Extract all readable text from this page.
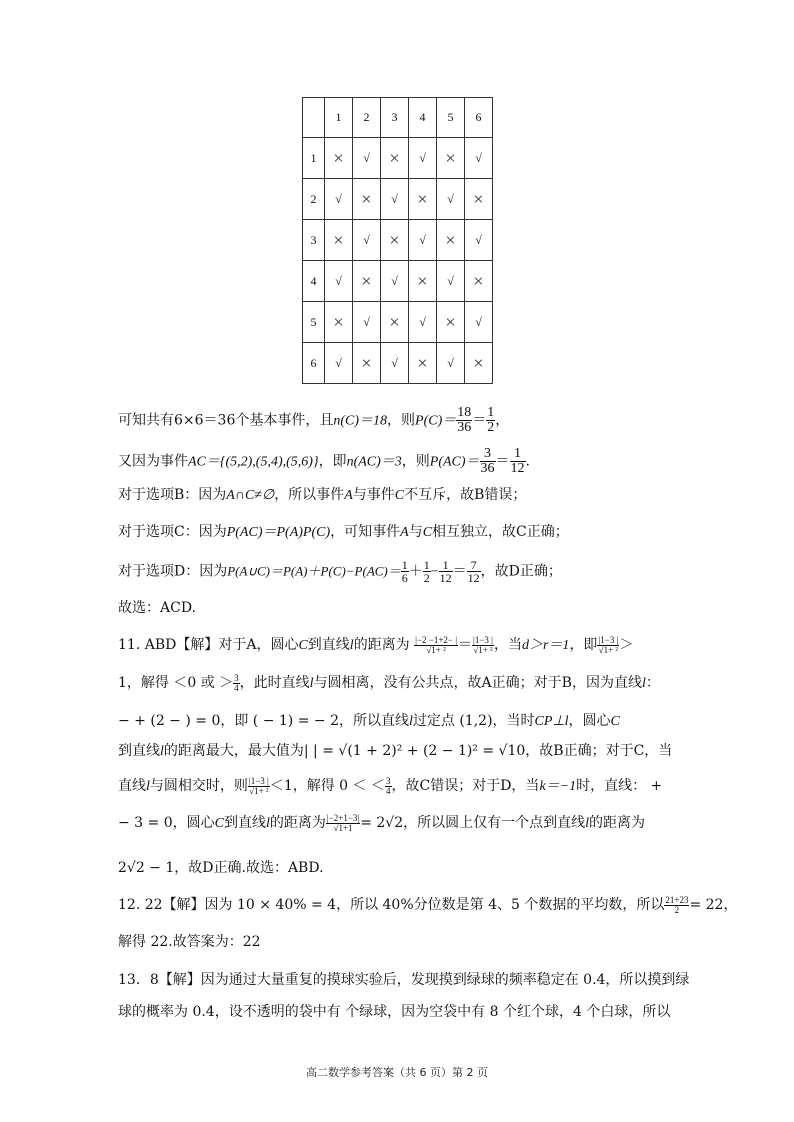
	1	2	3	4	5	6
1	×	√	×	√	×	√
2	√	×	√	×	√	×
3	×	√	×	√	×	√
4	√	×	√	×	√	×
5	×	√	×	√	×	√
6	√	×	√	×	√	×
可知共有6×6＝36个基本事件，且n(C)＝18，则$P(C)= \frac{18}{36} = \frac{1}{2}$ ，
又因为事件AC＝{(5,2),(5,4),(5,6)}，即n(AC)＝3，则$P(AC)= \frac{3}{36} = \frac{1}{12}$ .
对于选项B：因为A∩C≠∅，所以事件A与事件C不互斥，故B错误；
对于选项C：因为P(AC)＝P(A)P(C)，可知事件A与C相互独立，故C正确；
对于选项D：因为P(A∪C)＝P(A)＋P(C)−P(AC)＝ $\frac{1}{6} + \frac{1}{2} - \frac{1}{12} = \frac{7}{12}$ ，故D正确；
故选：ACD.
11. ABD【解】对于A，圆心C到直线l的距离为 $\frac{|-2 -1+2- |}{\text{√1+ ²}} = \frac{|1-3 |}{\text{√1+ ²}}$ ，当d＞r＝1，即 $\frac{|1-3 |}{\text{√1+ ²}}$ ＞
1，解得 ＜0 或 ＞ $\frac{3}{4}$ ，此时直线l与圆相离，没有公共点，故A正确；对于B，因为直线l：
− + (2 − ) = 0，即 ( − 1) = − 2，所以直线l过定点 (1,2)，当时CP⊥l，圆心C
到直线l的距离最大，最大值为| | = √(1 + 2)² + (2 − 1)² = √10，故B正确；对于C，当
直线l与圆相交时，则 $\frac{|1-3 |}{\text{√1+ ²}} <1$，解得 0 ＜ ＜ $\frac{3}{4}$ ，故C错误；对于D，当k＝−1时，直线： +
− 3 = 0，圆心C到直线l的距离为 $\frac{|-2+1-3|}{√1+1} = 2√2$，所以圆上仅有一个点到直线l的距离为
2√2 − 1，故D正确.故选：ABD.
12. 22【解】因为 10 × 40% = 4，所以 40%分位数是第 4、5 个数据的平均数，所以 $\frac{21+23}{2} = 22$，
解得 22.故答案为：22
13．8【解】因为通过大量重复的摸球实验后，发现摸到绿球的频率稳定在 0.4，所以摸到绿
球的概率为 0.4，设不透明的袋中有 个绿球，因为空袋中有 8 个红个球，4 个白球，所以
高二数学参考答案（共 6 页）第 2 页
